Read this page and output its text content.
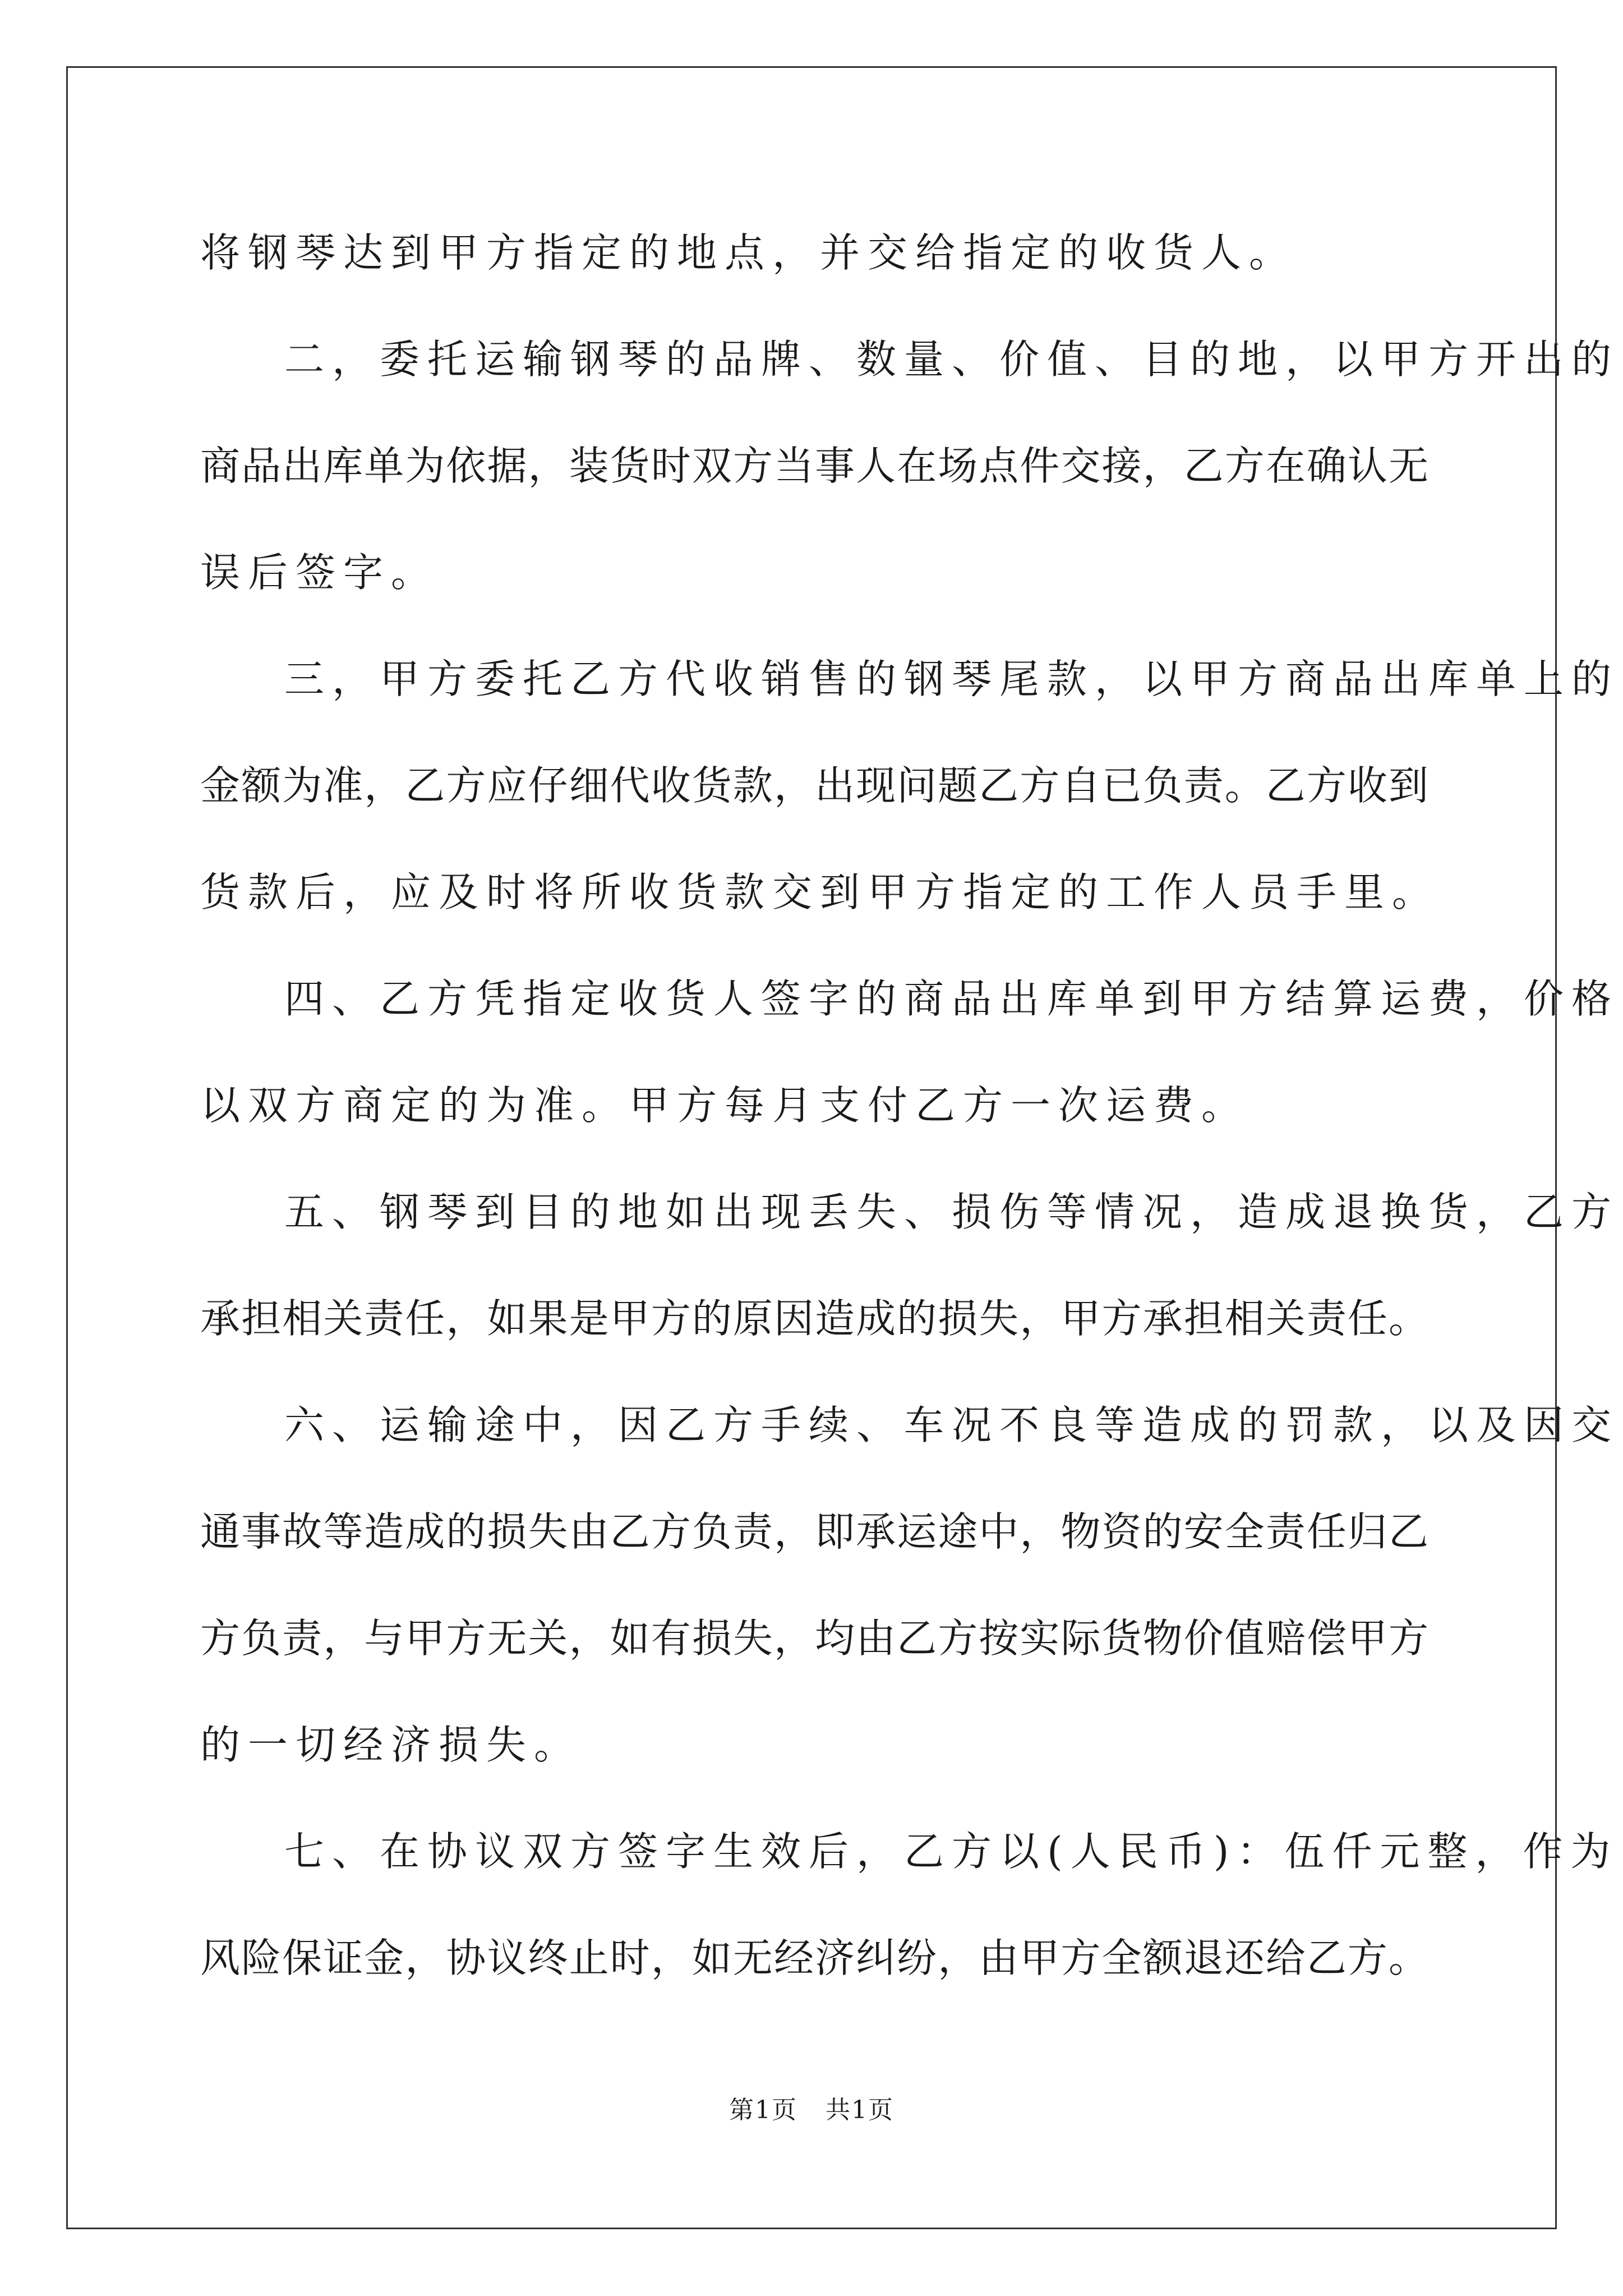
将钢琴达到甲方指定的地点，并交给指定的收货人。
二，委托运输钢琴的品牌、数量、价值、目的地，以甲方开出的
商品出库单为依据，装货时双方当事人在场点件交接，乙方在确认无
误后签字。
三，甲方委托乙方代收销售的钢琴尾款，以甲方商品出库单上的
金额为准，乙方应仔细代收货款，出现问题乙方自已负责。乙方收到
货款后，应及时将所收货款交到甲方指定的工作人员手里。
四、乙方凭指定收货人签字的商品出库单到甲方结算运费，价格
以双方商定的为准。甲方每月支付乙方一次运费。
五、钢琴到目的地如出现丢失、损伤等情况，造成退换货，乙方
承担相关责任，如果是甲方的原因造成的损失，甲方承担相关责任。
六、运输途中，因乙方手续、车况不良等造成的罚款，以及因交
通事故等造成的损失由乙方负责，即承运途中，物资的安全责任归乙
方负责，与甲方无关，如有损失，均由乙方按实际货物价值赔偿甲方
的一切经济损失。
七、在协议双方签字生效后，乙方以(人民币)：伍仟元整，作为
风险保证金，协议终止时，如无经济纠纷，由甲方全额退还给乙方。
第1页 共1页
